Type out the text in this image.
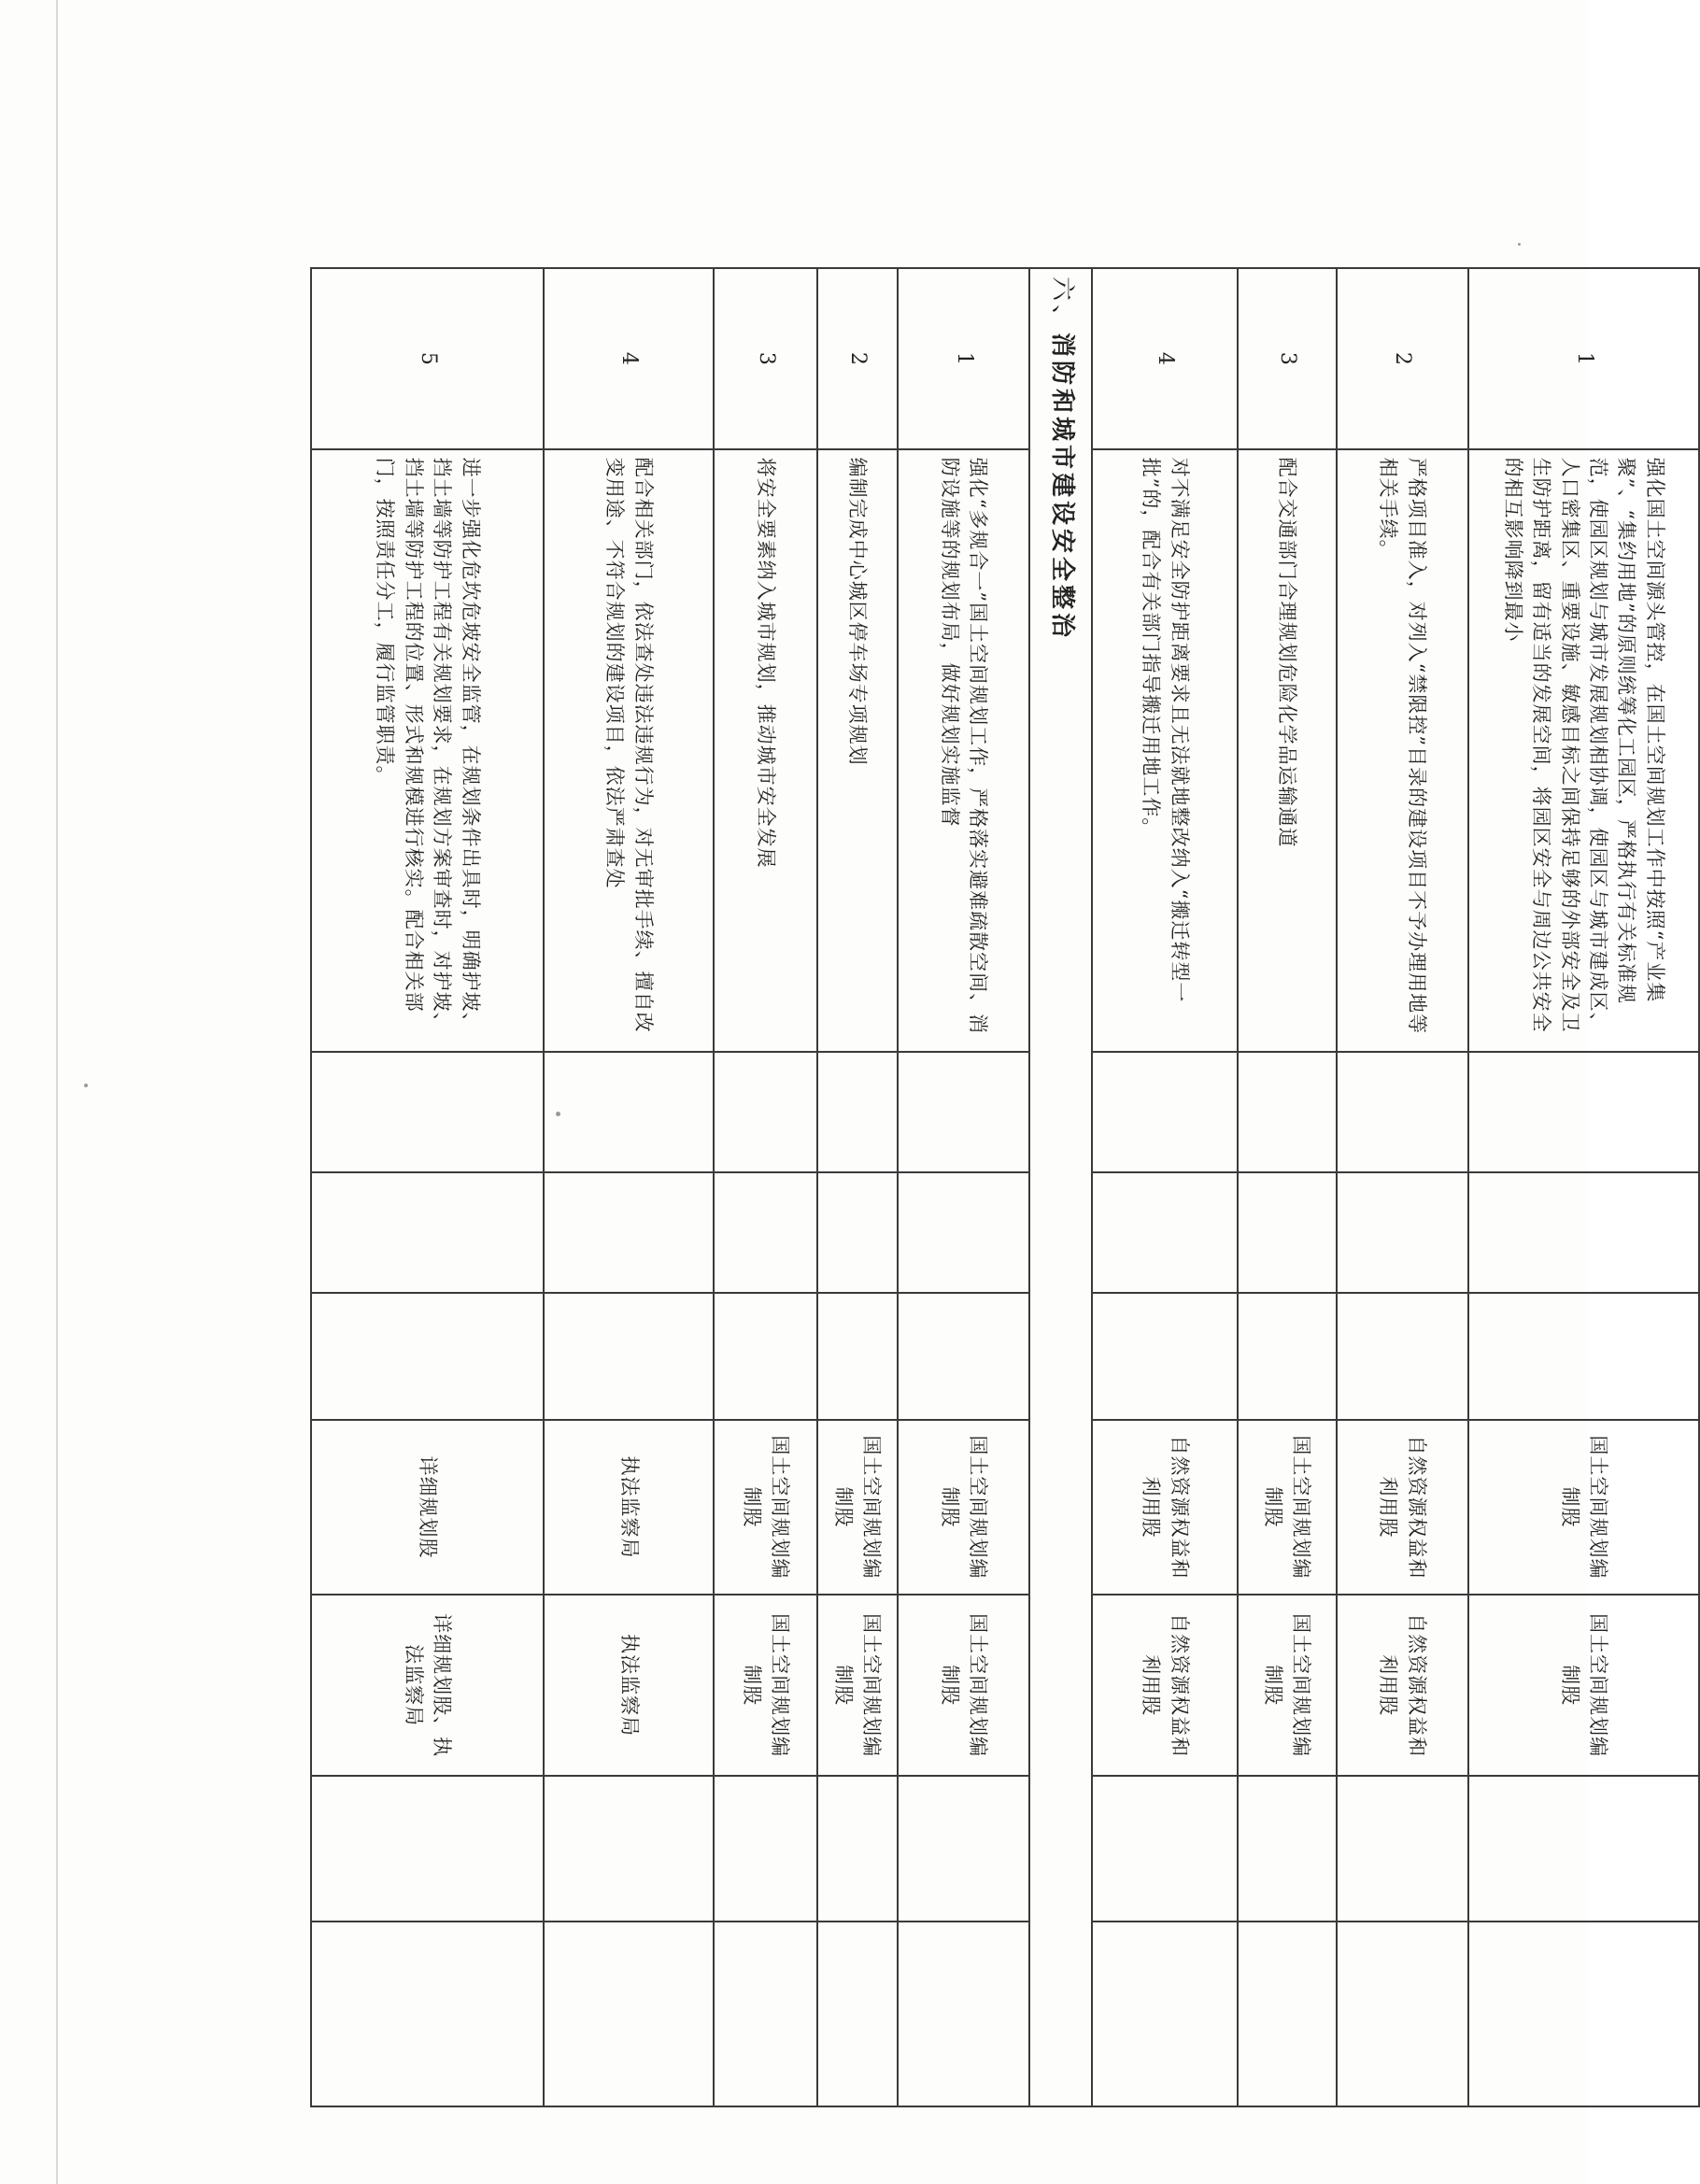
1	强化国土空间源头管控，在国土空间规划工作中按照“产业集聚”、“集约用地”的原则统筹化工园区，严格执行有关标准规范，使园区规划与城市发展规划相协调，使园区与城市建成区、人口密集区、重要设施、敏感目标之间保持足够的外部安全及卫生防护距离，留有适当的发展空间，将园区安全与周边公共安全的相互影响降到最小				国土空间规划编制股	国土空间规划编制股		
2	严格项目准入，对列入“禁限控”目录的建设项目不予办理用地等相关手续。				自然资源权益和利用股	自然资源权益和利用股		
3	配合交通部门合理规划危险化学品运输通道				国土空间规划编制股	国土空间规划编制股		
4	对不满足安全防护距离要求且无法就地整改纳入“搬迁转型一批”的，配合有关部门指导搬迁用地工作。				自然资源权益和利用股	自然资源权益和利用股		
六、消防和城市建设安全整治								
1	强化“多规合一”国土空间规划工作，严格落实避难疏散空间、消防设施等的规划布局，做好规划实施监督				国土空间规划编制股	国土空间规划编制股		
2	编制完成中心城区停车场专项规划				国土空间规划编制股	国土空间规划编制股		
3	将安全要素纳入城市规划，推动城市安全发展				国土空间规划编制股	国土空间规划编制股		
4	配合相关部门，依法查处违法违规行为，对无审批手续、擅自改变用途、不符合规划的建设项目，依法严肃查处				执法监察局	执法监察局		
5	进一步强化危坎危坡安全监管，在规划条件出具时，明确护坡、挡土墙等防护工程有关规划要求，在规划方案审查时，对护坡、挡土墙等防护工程的位置、形式和规模进行核实。配合相关部门，按照责任分工，履行监管职责。				详细规划股	详细规划股、执法监察局		
